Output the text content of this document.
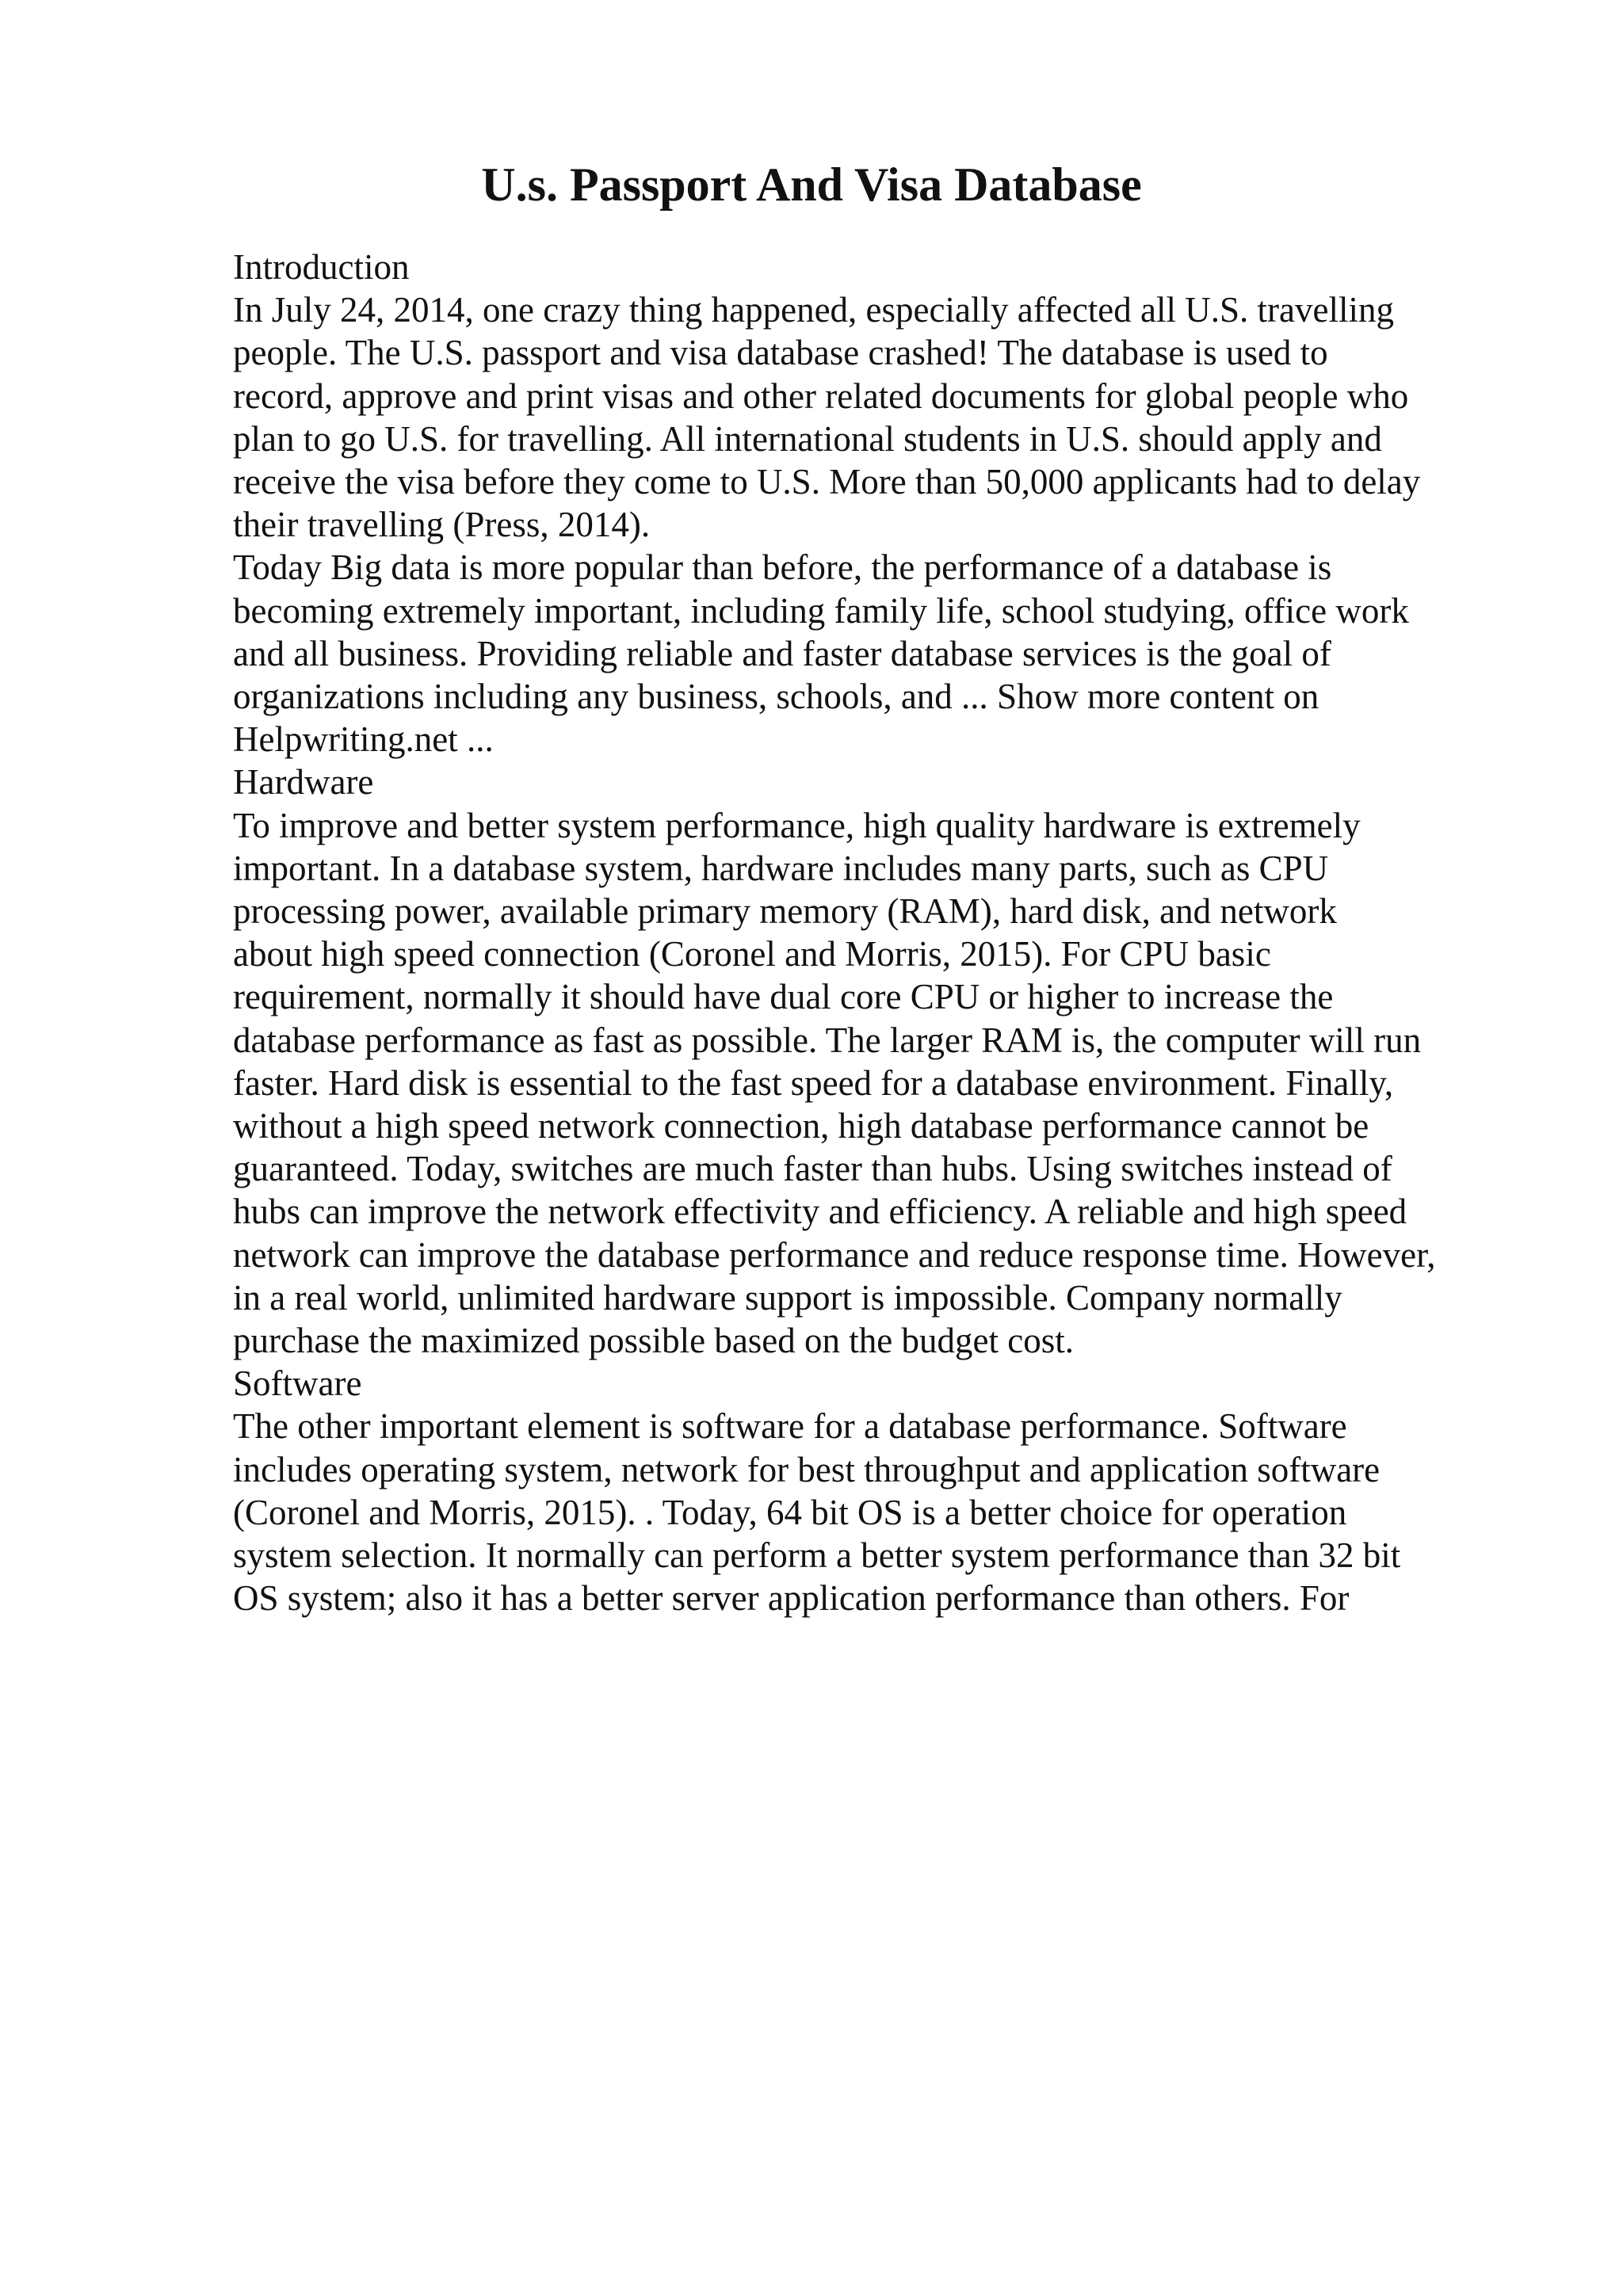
U.s. Passport And Visa Database
Introduction

In July 24, 2014, one crazy thing happened, especially affected all U.S. travelling
people. The U.S. passport and visa database crashed! The database is used to
record, approve and print visas and other related documents for global people who
plan to go U.S. for travelling. All international students in U.S. should apply and
receive the visa before they come to U.S. More than 50,000 applicants had to delay
their travelling (Press, 2014).

Today Big data is more popular than before, the performance of a database is
becoming extremely important, including family life, school studying, office work
and all business. Providing reliable and faster database services is the goal of
organizations including any business, schools, and ... Show more content on
Helpwriting.net ...

Hardware

To improve and better system performance, high quality hardware is extremely
important. In a database system, hardware includes many parts, such as CPU
processing power, available primary memory (RAM), hard disk, and network
about high speed connection (Coronel and Morris, 2015). For CPU basic
requirement, normally it should have dual core CPU or higher to increase the
database performance as fast as possible. The larger RAM is, the computer will run
faster. Hard disk is essential to the fast speed for a database environment. Finally,
without a high speed network connection, high database performance cannot be
guaranteed. Today, switches are much faster than hubs. Using switches instead of
hubs can improve the network effectivity and efficiency. A reliable and high speed
network can improve the database performance and reduce response time. However,
in a real world, unlimited hardware support is impossible. Company normally
purchase the maximized possible based on the budget cost.

Software

The other important element is software for a database performance. Software
includes operating system, network for best throughput and application software
(Coronel and Morris, 2015). . Today, 64 bit OS is a better choice for operation
system selection. It normally can perform a better system performance than 32 bit
OS system; also it has a better server application performance than others. For
